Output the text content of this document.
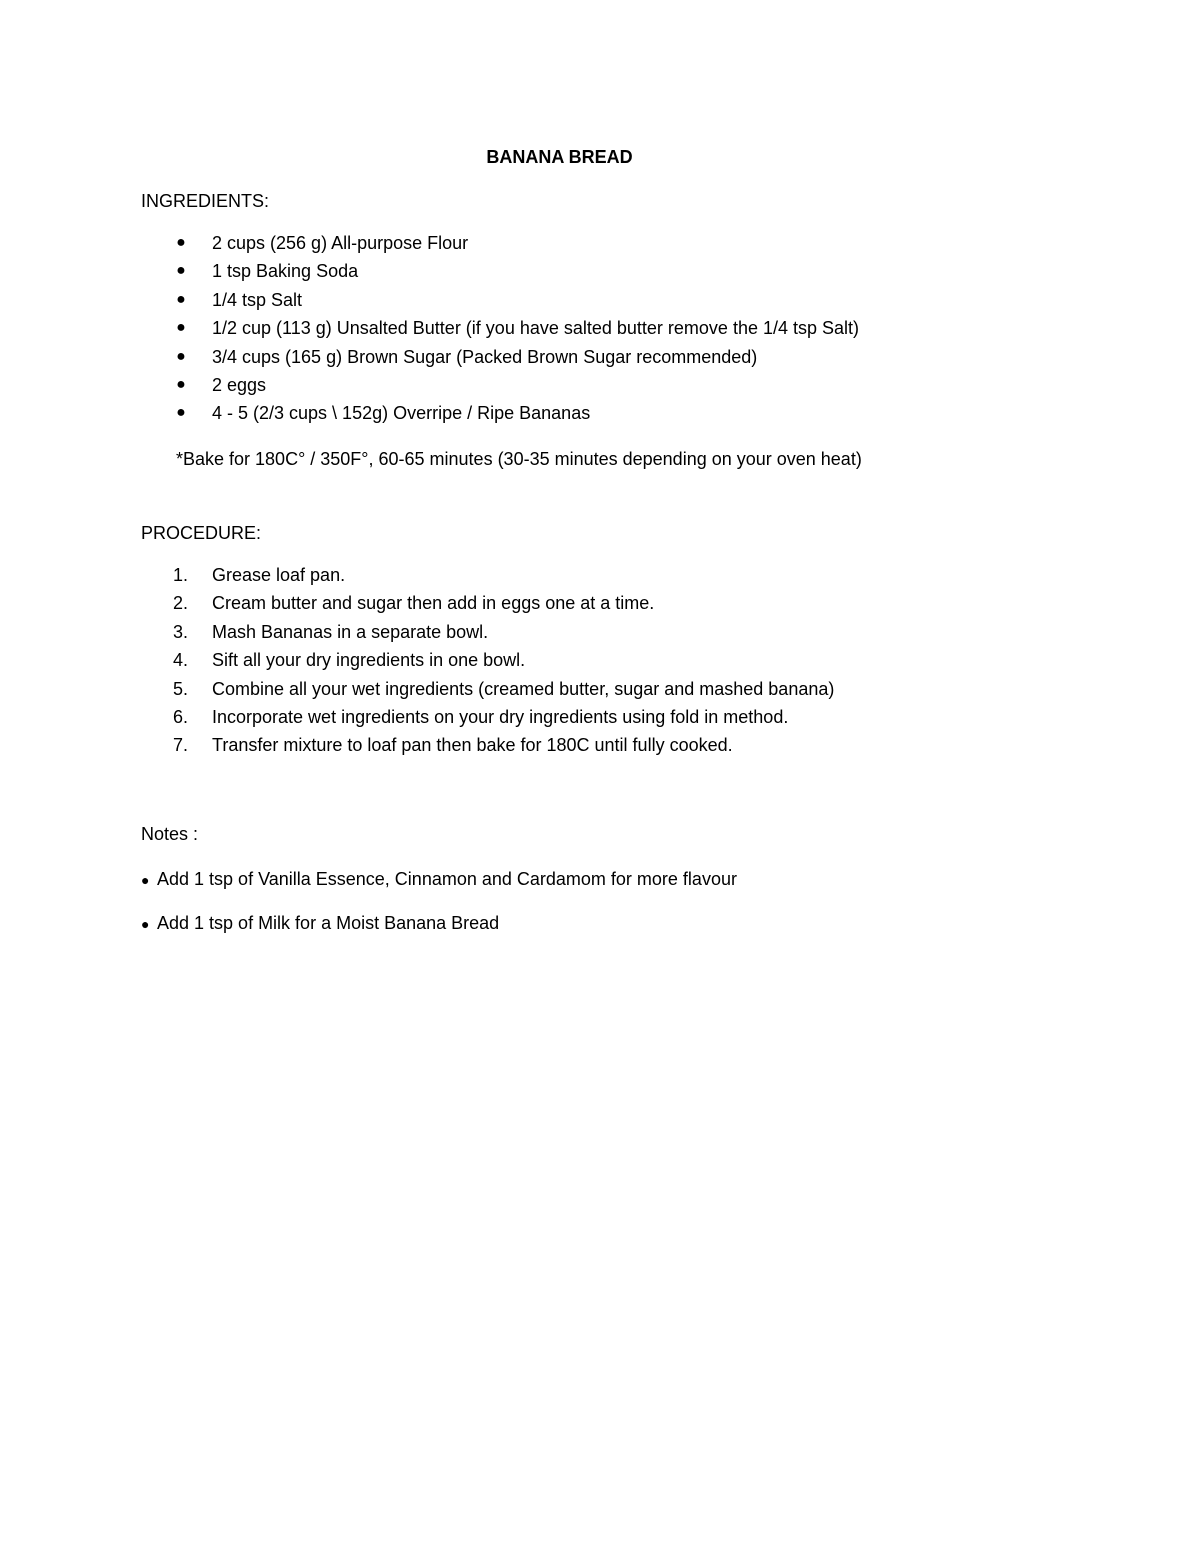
BANANA BREAD
INGREDIENTS:
● 2 cups (256 g) All-purpose Flour
● 1 tsp Baking Soda
● 1/4 tsp Salt
● 1/2 cup (113 g) Unsalted Butter (if you have salted butter remove the 1/4 tsp Salt)
● 3/4 cups (165 g) Brown Sugar (Packed Brown Sugar recommended)
● 2 eggs
● 4 - 5 (2/3 cups \ 152g) Overripe / Ripe Bananas
*Bake for 180C° / 350F°, 60-65 minutes (30-35 minutes depending on your oven heat)
PROCEDURE:
1.	Grease loaf pan.
2.	Cream butter and sugar then add in eggs one at a time.
3.	Mash Bananas in a separate bowl.
4.	Sift all your dry ingredients in one bowl.
5.	Combine all your wet ingredients (creamed butter, sugar and mashed banana)
6.	Incorporate wet ingredients on your dry ingredients using fold in method.
7.	Transfer mixture to loaf pan then bake for 180C until fully cooked.
Notes :
● Add 1 tsp of Vanilla Essence, Cinnamon and Cardamom for more flavour
● Add 1 tsp of Milk for a Moist Banana Bread
